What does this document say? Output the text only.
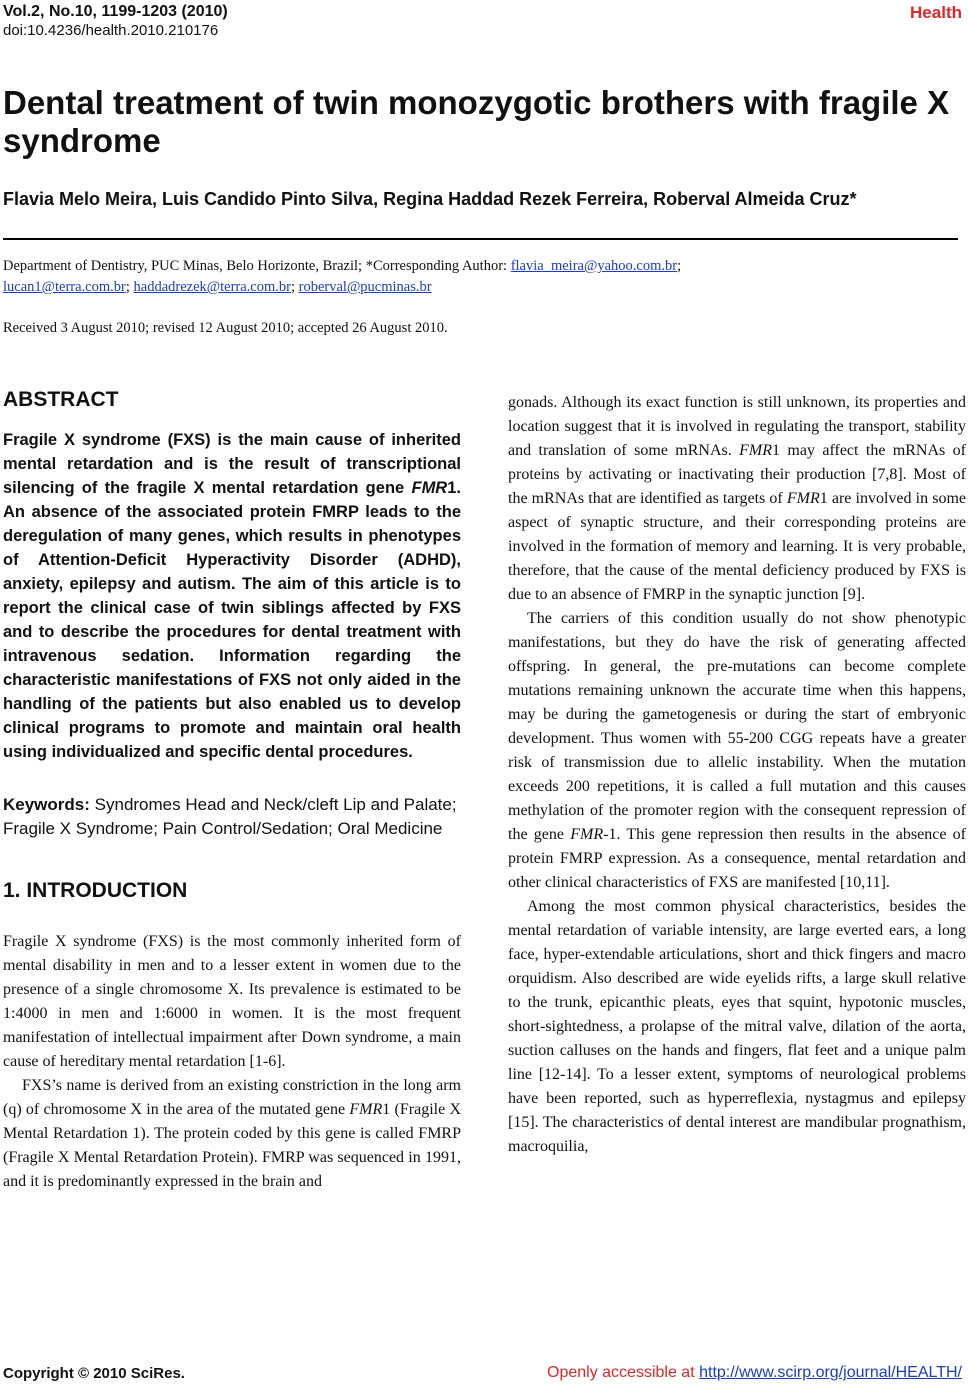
Vol.2, No.10, 1199-1203 (2010)
doi:10.4236/health.2010.210176
Health
Dental treatment of twin monozygotic brothers with fragile X syndrome
Flavia Melo Meira, Luis Candido Pinto Silva, Regina Haddad Rezek Ferreira, Roberval Almeida Cruz*
Department of Dentistry, PUC Minas, Belo Horizonte, Brazil; *Corresponding Author: flavia_meira@yahoo.com.br;
lucan1@terra.com.br; haddadrezek@terra.com.br; roberval@pucminas.br
Received 3 August 2010; revised 12 August 2010; accepted 26 August 2010.
ABSTRACT

Fragile X syndrome (FXS) is the main cause of inherited mental retardation and is the result of transcriptional silencing of the fragile X mental retardation gene FMR1. An absence of the associated protein FMRP leads to the deregulation of many genes, which results in phenotypes of Attention-Deficit Hyperactivity Disorder (ADHD), anxiety, epilepsy and autism. The aim of this article is to report the clinical case of twin siblings affected by FXS and to describe the procedures for dental treatment with intravenous sedation. Information regarding the characteristic manifestations of FXS not only aided in the handling of the patients but also enabled us to develop clinical programs to promote and maintain oral health using individualized and specific dental procedures.

Keywords: Syndromes Head and Neck/cleft Lip and Palate; Fragile X Syndrome; Pain Control/Sedation; Oral Medicine

1. INTRODUCTION

Fragile X syndrome (FXS) is the most commonly inherited form of mental disability in men and to a lesser extent in women due to the presence of a single chromosome X. Its prevalence is estimated to be 1:4000 in men and 1:6000 in women. It is the most frequent manifestation of intellectual impairment after Down syndrome, a main cause of hereditary mental retardation [1-6].

FXS’s name is derived from an existing constriction in the long arm (q) of chromosome X in the area of the mutated gene FMR1 (Fragile X Mental Retardation 1). The protein coded by this gene is called FMRP (Fragile X Mental Retardation Protein). FMRP was sequenced in 1991, and it is predominantly expressed in the brain and

gonads. Although its exact function is still unknown, its properties and location suggest that it is involved in regulating the transport, stability and translation of some mRNAs. FMR1 may affect the mRNAs of proteins by activating or inactivating their production [7,8]. Most of the mRNAs that are identified as targets of FMR1 are involved in some aspect of synaptic structure, and their corresponding proteins are involved in the formation of memory and learning. It is very probable, therefore, that the cause of the mental deficiency produced by FXS is due to an absence of FMRP in the synaptic junction [9].

The carriers of this condition usually do not show phenotypic manifestations, but they do have the risk of generating affected offspring. In general, the pre-mutations can become complete mutations remaining unknown the accurate time when this happens, may be during the gametogenesis or during the start of embryonic development. Thus women with 55-200 CGG repeats have a greater risk of transmission due to allelic instability. When the mutation exceeds 200 repetitions, it is called a full mutation and this causes methylation of the promoter region with the consequent repression of the gene FMR-1. This gene repression then results in the absence of protein FMRP expression. As a consequence, mental retardation and other clinical characteristics of FXS are manifested [10,11].

Among the most common physical characteristics, besides the mental retardation of variable intensity, are large everted ears, a long face, hyper-extendable articulations, short and thick fingers and macro orquidism. Also described are wide eyelids rifts, a large skull relative to the trunk, epicanthic pleats, eyes that squint, hypotonic muscles, short-sightedness, a prolapse of the mitral valve, dilation of the aorta, suction calluses on the hands and fingers, flat feet and a unique palm line [12-14]. To a lesser extent, symptoms of neurological problems have been reported, such as hyperreflexia, nystagmus and epilepsy [15]. The characteristics of dental interest are mandibular prognathism, macroquilia,

Copyright © 2010 SciRes.	Openly accessible at http://www.scirp.org/journal/HEALTH/
